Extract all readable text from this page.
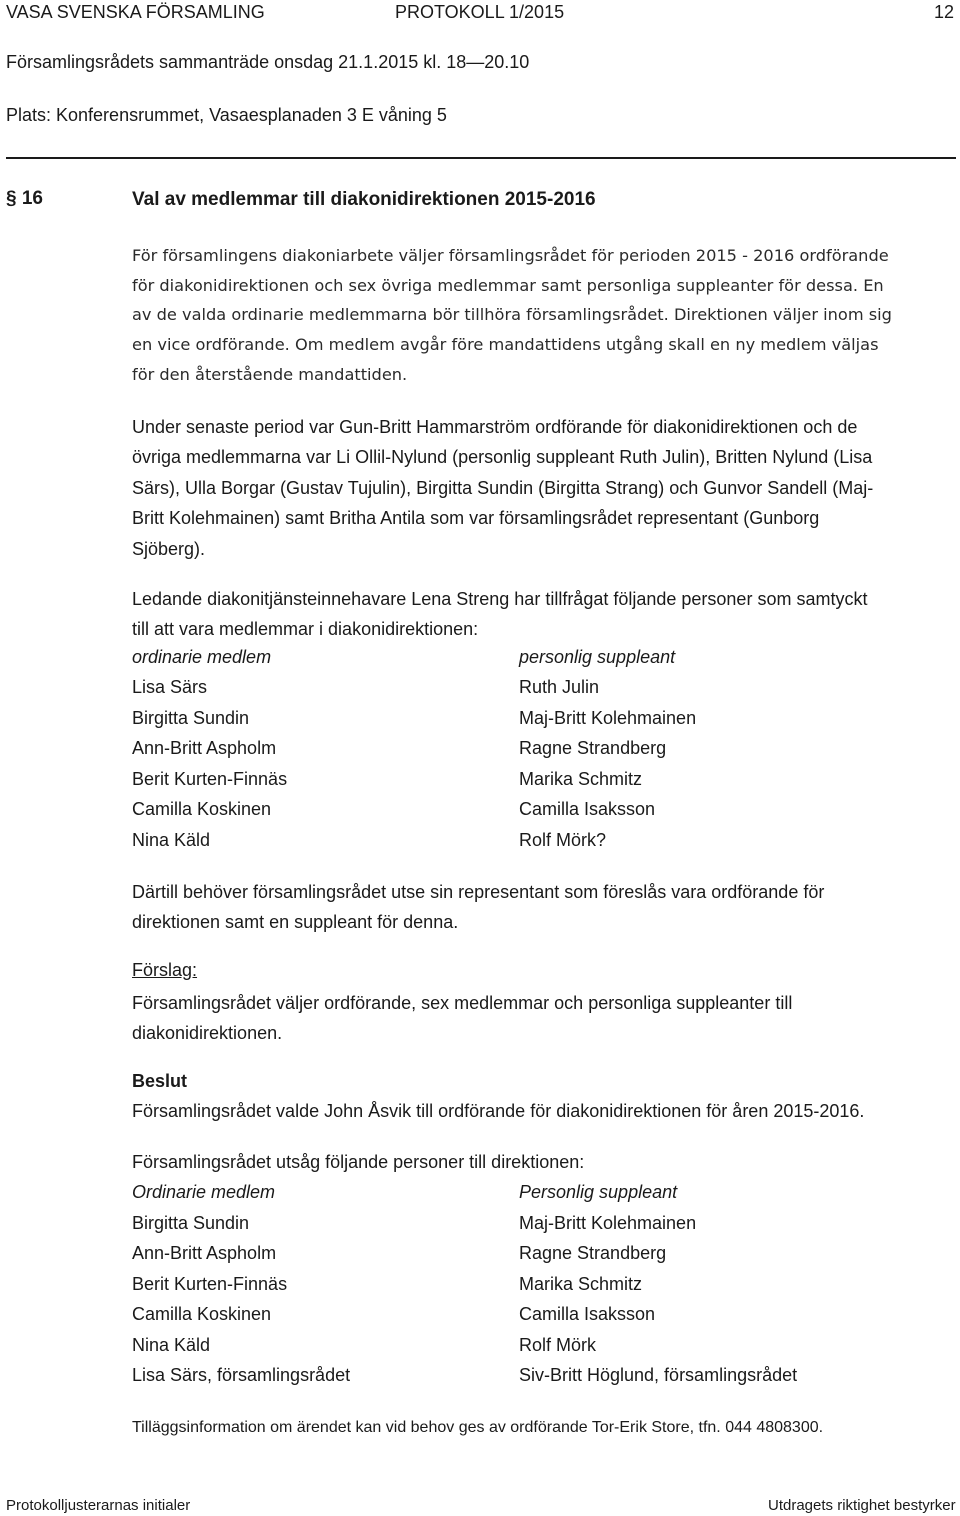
VASA SVENSKA FÖRSAMLING	PROTOKOLL 1/2015	12
Församlingsrådets sammanträde onsdag 21.1.2015 kl. 18—20.10
Plats: Konferensrummet, Vasaesplanaden 3 E våning 5
§ 16	Val av medlemmar till diakonidirektionen 2015-2016
För församlingens diakoniarbete väljer församlingsrådet för perioden 2015 - 2016 ordförande
för diakonidirektionen och sex övriga medlemmar samt personliga suppleanter för dessa. En
av de valda ordinarie medlemmarna bör tillhöra församlingsrådet. Direktionen väljer inom sig
en vice ordförande. Om medlem avgår före mandattidens utgång skall en ny medlem väljas
för den återstående mandattiden.
Under senaste period var Gun-Britt Hammarström ordförande för diakonidirektionen och de
övriga medlemmarna var Li Ollil-Nylund (personlig suppleant Ruth Julin), Britten Nylund (Lisa
Särs), Ulla Borgar (Gustav Tujulin), Birgitta Sundin (Birgitta Strang) och Gunvor Sandell (Maj-
Britt Kolehmainen) samt Britha Antila som var församlingsrådet representant (Gunborg
Sjöberg).
Ledande diakonitjänsteinnehavare Lena Streng har tillfrågat följande personer som samtyckt
till att vara medlemmar i diakonidirektionen:
ordinarie medlem	personlig suppleant
Lisa Särs	Ruth Julin
Birgitta Sundin	Maj-Britt Kolehmainen
Ann-Britt Aspholm	Ragne Strandberg
Berit Kurten-Finnäs	Marika Schmitz
Camilla Koskinen	Camilla Isaksson
Nina Käld	Rolf Mörk?
Därtill behöver församlingsrådet utse sin representant som föreslås vara ordförande för
direktionen samt en suppleant för denna.
Förslag:
Församlingsrådet väljer ordförande, sex medlemmar och personliga suppleanter till
diakonidirektionen.
Beslut
Församlingsrådet valde John Åsvik till ordförande för diakonidirektionen för åren 2015-2016.
Församlingsrådet utsåg följande personer till direktionen:
Ordinarie medlem	Personlig suppleant
Birgitta Sundin	Maj-Britt Kolehmainen
Ann-Britt Aspholm	Ragne Strandberg
Berit Kurten-Finnäs	Marika Schmitz
Camilla Koskinen	Camilla Isaksson
Nina Käld	Rolf Mörk
Lisa Särs, församlingsrådet	Siv-Britt Höglund, församlingsrådet
Tilläggsinformation om ärendet kan vid behov ges av ordförande Tor-Erik Store, tfn. 044 4808300.
Protokolljusterarnas initialer	Utdragets riktighet bestyrker
